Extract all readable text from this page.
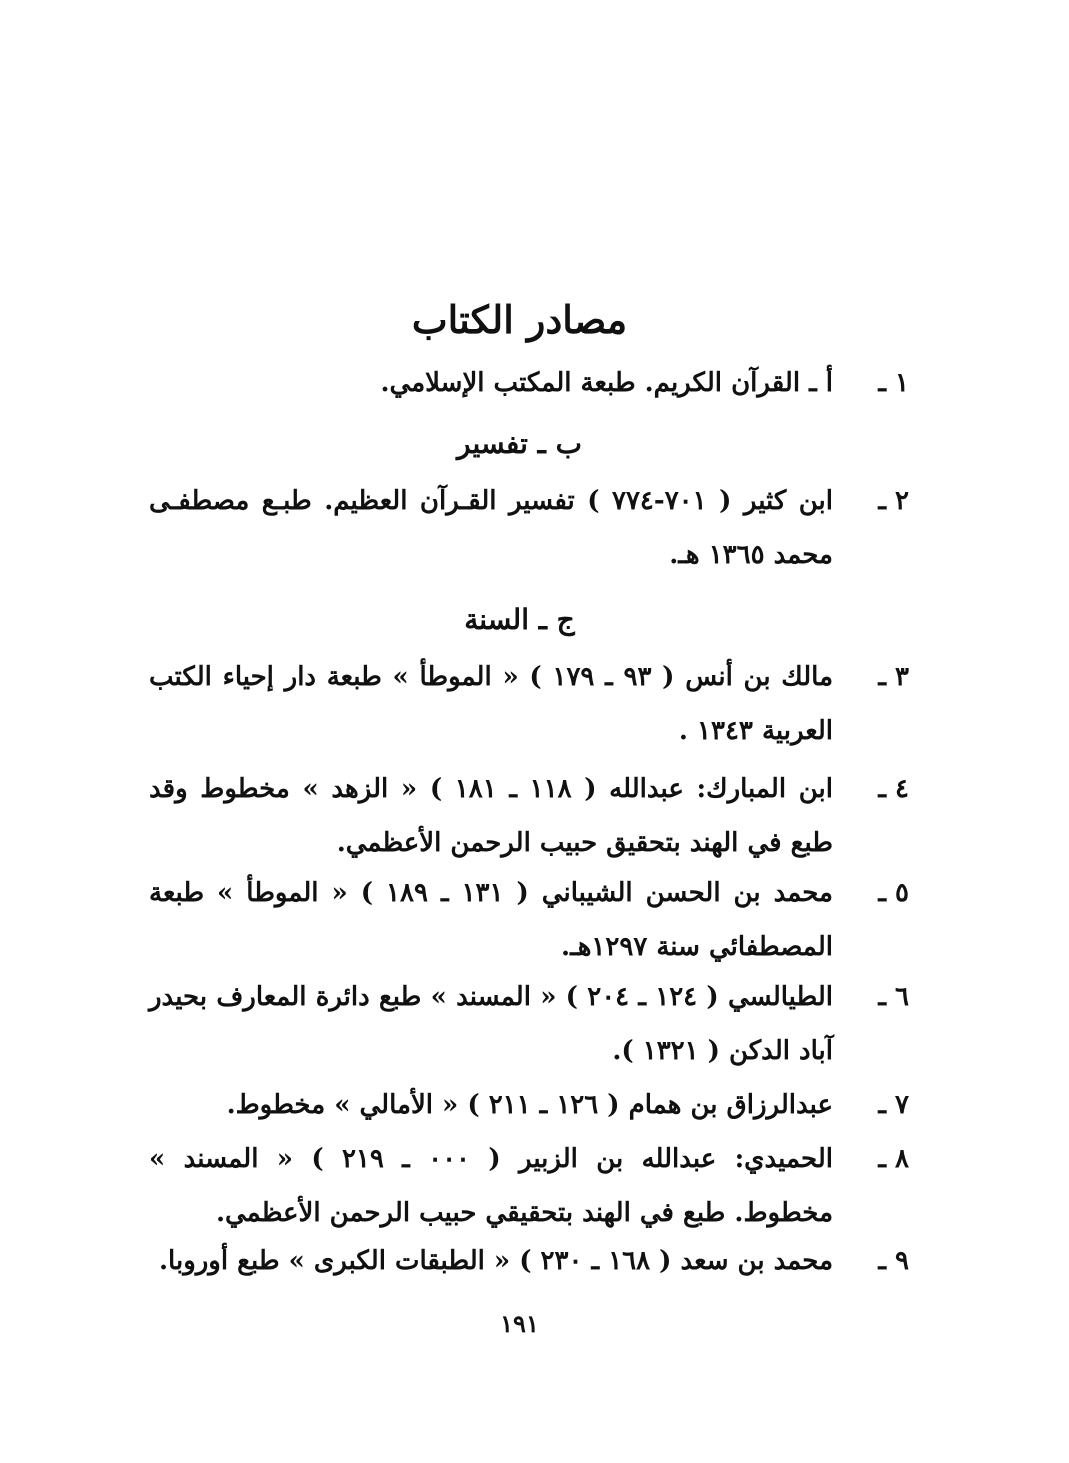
مصادر الكتاب
١ ـ
أ ـ القرآن الكريم. طبعة المكتب الإسلامي.
ب ـ تفسير
٢ ـ
ابن كثير ( ٧٠١-٧٧٤ ) تفسير القـرآن العظيم. طبـع مصطفـى محمد ١٣٦٥ هـ.
ج ـ السنة
٣ ـ
مالك بن أنس ( ٩٣ ـ ١٧٩ ) « الموطأ » طبعة دار إحياء الكتب العربية ١٣٤٣ .
٤ ـ
ابن المبارك: عبدالله ( ١١٨ ـ ١٨١ ) « الزهد » مخطوط وقد طبع في الهند بتحقيق حبيب الرحمن الأعظمي.
٥ ـ
محمد بن الحسن الشيباني ( ١٣١ ـ ١٨٩ ) « الموطأ » طبعة المصطفائي سنة ١٢٩٧هـ.
٦ ـ
الطيالسي ( ١٢٤ ـ ٢٠٤ ) « المسند » طبع دائرة المعارف بحيدر آباد الدكن ( ١٣٢١ ).
٧ ـ
عبدالرزاق بن همام ( ١٢٦ ـ ٢١١ ) « الأمالي » مخطوط.
٨ ـ
الحميدي: عبدالله بن الزبير ( ٠٠٠ ـ ٢١٩ ) « المسند » مخطوط. طبع في الهند بتحقيقي حبيب الرحمن الأعظمي.
٩ ـ
محمد بن سعد ( ١٦٨ ـ ٢٣٠ ) « الطبقات الكبرى » طبع أوروبا.
١٩١
